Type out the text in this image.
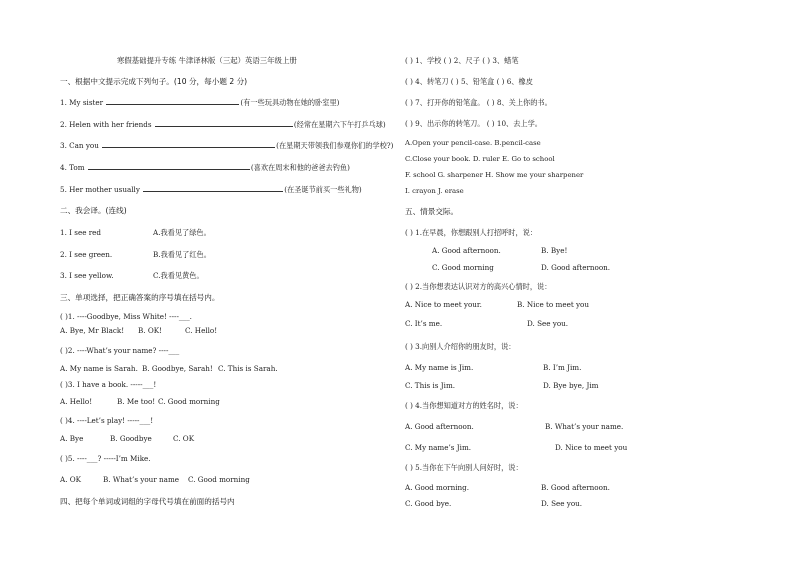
寒假基础提升专练 牛津译林版（三起）英语三年级上册
一、根据中文提示完成下列句子。(10 分，每小题 2 分)
1. My sister	(有一些玩具动物在她的卧室里)
2. Helen with her friends	(经常在星期六下午打乒乓球)
3. Can you	(在星期天带领我们参观你们的学校?)
4. Tom	(喜欢在周末和他的爸爸去钓鱼)
5. Her mother usually	(在圣诞节前买一些礼物)
二、我会译。(连线)
1. I see red	A.我看见了绿色。
2. I see green.	B.我看见了红色。
3. I see yellow.	C.我看见黄色。
三、单项选择，把正确答案的序号填在括号内。
( )1. ----Goodbye, Miss White! ----___.
A. Bye, Mr Black! B. OK!	C. Hello!
( )2. ----What’s your name? ----___
A. My name is Sarah. B. Goodbye, Sarah! C. This is Sarah.
( )3. I have a book. -----___!
A. Hello!	B. Me too! C. Good morning
( )4. ----Let’s play! -----___!
A. Bye	B. Goodbye	C. OK
( )5. ----___? -----I’m Mike.
A. OK	B. What’s your name C. Good morning
四、把每个单词或词组的字母代号填在前面的括号内
( ) 1、学校 ( ) 2、尺子 ( ) 3、蜡笔
( ) 4、转笔刀 ( ) 5、铅笔盒 ( ) 6、橡皮
( ) 7、打开你的铅笔盒。 ( ) 8、关上你的书。
( ) 9、出示你的转笔刀。 ( ) 10、去上学。
A.Open your pencil-case. B.pencil-case
C.Close your book. D. ruler E. Go to school
F. school G. sharpener H. Show me your sharpener
I. crayon J. erase
五、情景交际。
( ) 1.在早晨，你想跟别人打招呼时，说：
A. Good afternoon.	B. Bye!
C. Good morning	D. Good afternoon.
( ) 2.当你想表达认识对方的高兴心情时，说：
A. Nice to meet your.	B. Nice to meet you
C. It’s me.	D. See you.
( ) 3.向别人介绍你的朋友时，说：
A. My name is Jim.	B. I’m Jim.
C. This is Jim.	D. Bye bye, Jim
( ) 4.当你想知道对方的姓名时，说：
A. Good afternoon.	B. What’s your name.
C. My name’s Jim.	D. Nice to meet you
( ) 5.当你在下午向别人问好时，说：
A. Good morning.	B. Good afternoon.
C. Good bye.	D. See you.
